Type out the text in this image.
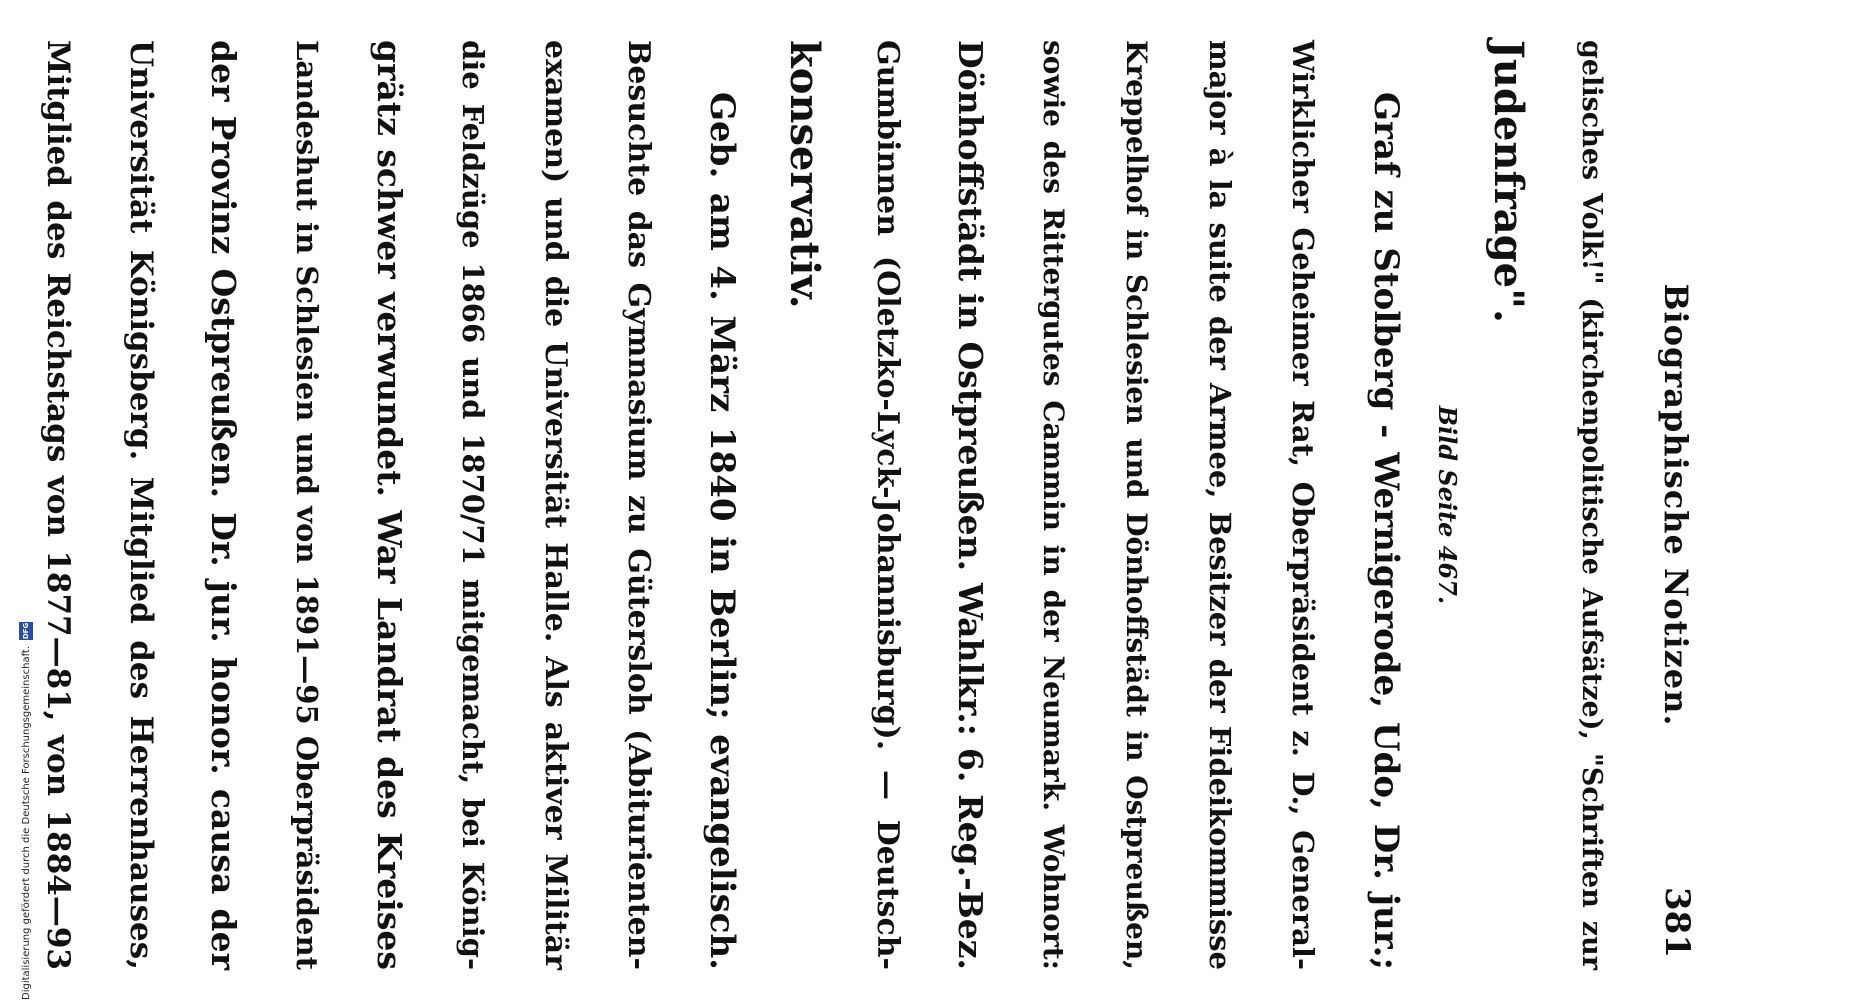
Biographische Notizen.
381
gelisches Volk!" (kirchenpolitische Aufsätze), "Schriften zur
Judenfrage".
Bild Seite 467.
Graf zu Stolberg - Wernigerode, Udo, Dr. jur.;
Wirklicher Geheimer Rat, Oberpräsident z. D., General-
major à la suite der Armee, Besitzer der Fideikommisse
Kreppelhof in Schlesien und Dönhoffstädt in Ostpreußen,
sowie des Rittergutes Cammin in der Neumark. Wohnort:
Dönhoffstädt in Ostpreußen. Wahlkr.: 6. Reg.-Bez.
Gumbinnen (Oletzko-Lyck-Johannisburg). — Deutsch-
konservativ.
Geb. am 4. März 1840 in Berlin; evangelisch.
Besuchte das Gymnasium zu Gütersloh (Abiturienten-
examen) und die Universität Halle. Als aktiver Militär
die Feldzüge 1866 und 1870/71 mitgemacht, bei König-
grätz schwer verwundet. War Landrat des Kreises
Landeshut in Schlesien und von 1891—95 Oberpräsident
der Provinz Ostpreußen. Dr. jur. honor. causa der
Universität Königsberg. Mitglied des Herrenhauses,
Mitglied des Reichstags von 1877—81, von 1884—93
Digitalisierung gefördert durch die Deutsche Forschungsgemeinschaft.
DFG
